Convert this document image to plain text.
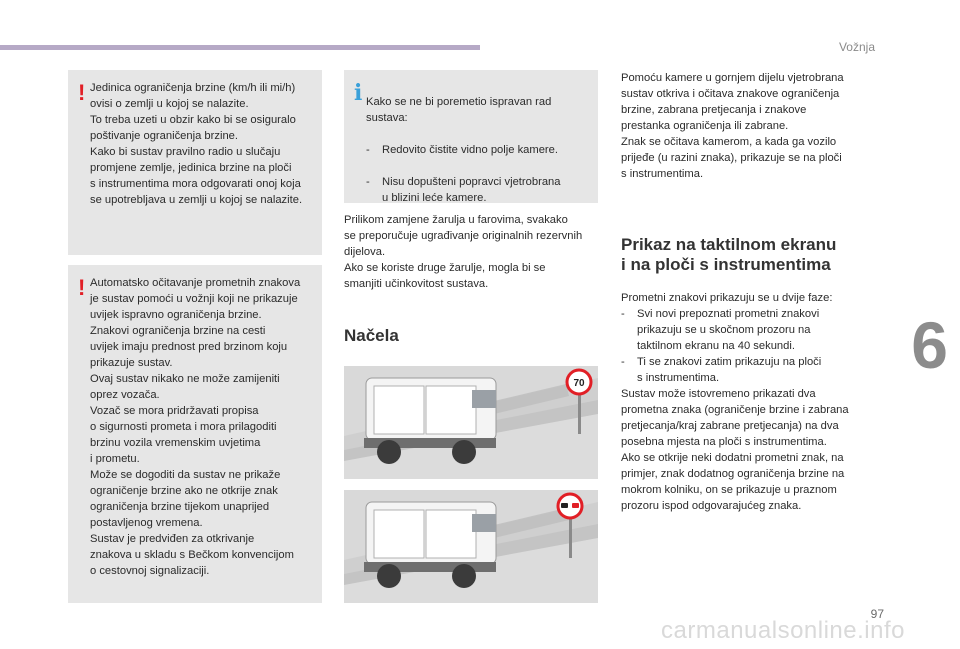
Vožnja
6
! Jedinica ograničenja brzine (km/h ili mi/h)
ovisi o zemlji u kojoj se nalazite.
To treba uzeti u obzir kako bi se osiguralo
poštivanje ograničenja brzine.
Kako bi sustav pravilno radio u slučaju
promjene zemlje, jedinica brzine na ploči
s instrumentima mora odgovarati onoj koja
se upotrebljava u zemlji u kojoj se nalazite.
! Automatsko očitavanje prometnih znakova
je sustav pomoći u vožnji koji ne prikazuje
uvijek ispravno ograničenja brzine.
Znakovi ograničenja brzine na cesti
uvijek imaju prednost pred brzinom koju
prikazuje sustav.
Ovaj sustav nikako ne može zamijeniti
oprez vozača.
Vozač se mora pridržavati propisa
o sigurnosti prometa i mora prilagoditi
brzinu vozila vremenskim uvjetima
i prometu.
Može se dogoditi da sustav ne prikaže
ograničenje brzine ako ne otkrije znak
ograničenja brzine tijekom unaprijed
postavljenog vremena.
Sustav je predviđen za otkrivanje
znakova u skladu s Bečkom konvencijom
o cestovnoj signalizaciji.
i Kako se ne bi poremetio ispravan rad
sustava:

- Redovito čistite vidno polje kamere.

- Nisu dopušteni popravci vjetrobrana
u blizini leće kamere.

Prilikom zamjene žarulja u farovima, svakako
se preporučuje ugrađivanje originalnih rezervnih
dijelova.
Ako se koriste druge žarulje, mogla bi se
smanjiti učinkovitost sustava.
Načela
70
Pomoću kamere u gornjem dijelu vjetrobrana
sustav otkriva i očitava znakove ograničenja
brzine, zabrana pretjecanja i znakove
prestanka ograničenja ili zabrane.
Znak se očitava kamerom, a kada ga vozilo
prijeđe (u razini znaka), prikazuje se na ploči
s instrumentima.
Prikaz na taktilnom ekranu
i na ploči s instrumentima
Prometni znakovi prikazuju se u dvije faze:
- Svi novi prepoznati prometni znakovi
prikazuju se u skočnom prozoru na
taktilnom ekranu na 40 sekundi.
- Ti se znakovi zatim prikazuju na ploči
s instrumentima.
Sustav može istovremeno prikazati dva
prometna znaka (ograničenje brzine i zabrana
pretjecanja/kraj zabrane pretjecanja) na dva
posebna mjesta na ploči s instrumentima.
Ako se otkrije neki dodatni prometni znak, na
primjer, znak dodatnog ograničenja brzine na
mokrom kolniku, on se prikazuje u praznom
prozoru ispod odgovarajućeg znaka.
97
carmanualsonline.info
